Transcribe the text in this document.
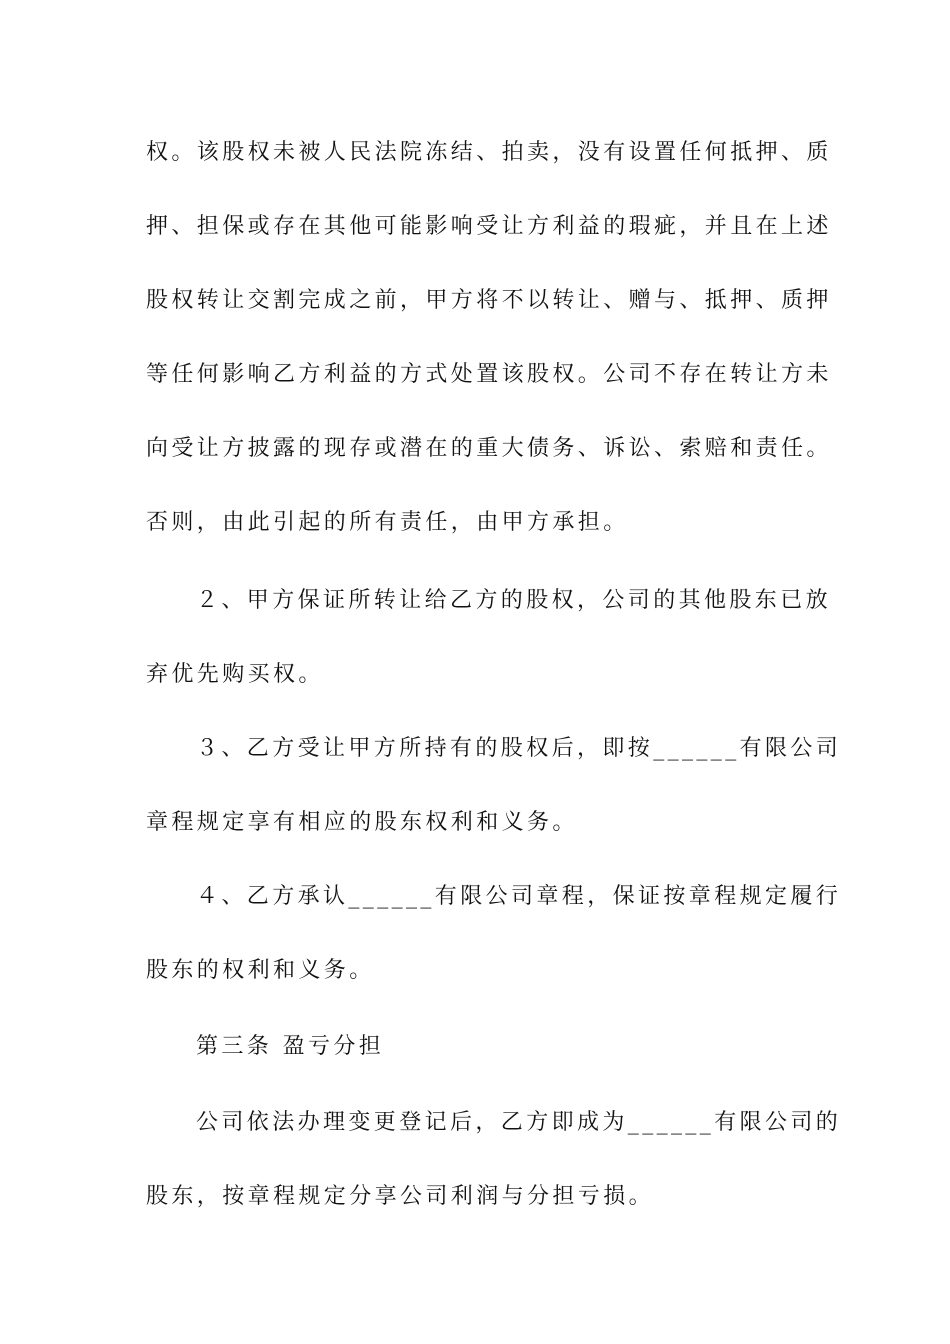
权。该股权未被人民法院冻结、拍卖，没有设置任何抵押、质
押、担保或存在其他可能影响受让方利益的瑕疵，并且在上述
股权转让交割完成之前，甲方将不以转让、赠与、抵押、质押
等任何影响乙方利益的方式处置该股权。公司不存在转让方未
向受让方披露的现存或潜在的重大债务、诉讼、索赔和责任。
否则，由此引起的所有责任，由甲方承担。
２、甲方保证所转让给乙方的股权，公司的其他股东已放
弃优先购买权。
３、乙方受让甲方所持有的股权后，即按______有限公司
章程规定享有相应的股东权利和义务。
４、乙方承认______有限公司章程，保证按章程规定履行
股东的权利和义务。
第三条 盈亏分担
公司依法办理变更登记后，乙方即成为______有限公司的
股东，按章程规定分享公司利润与分担亏损。
